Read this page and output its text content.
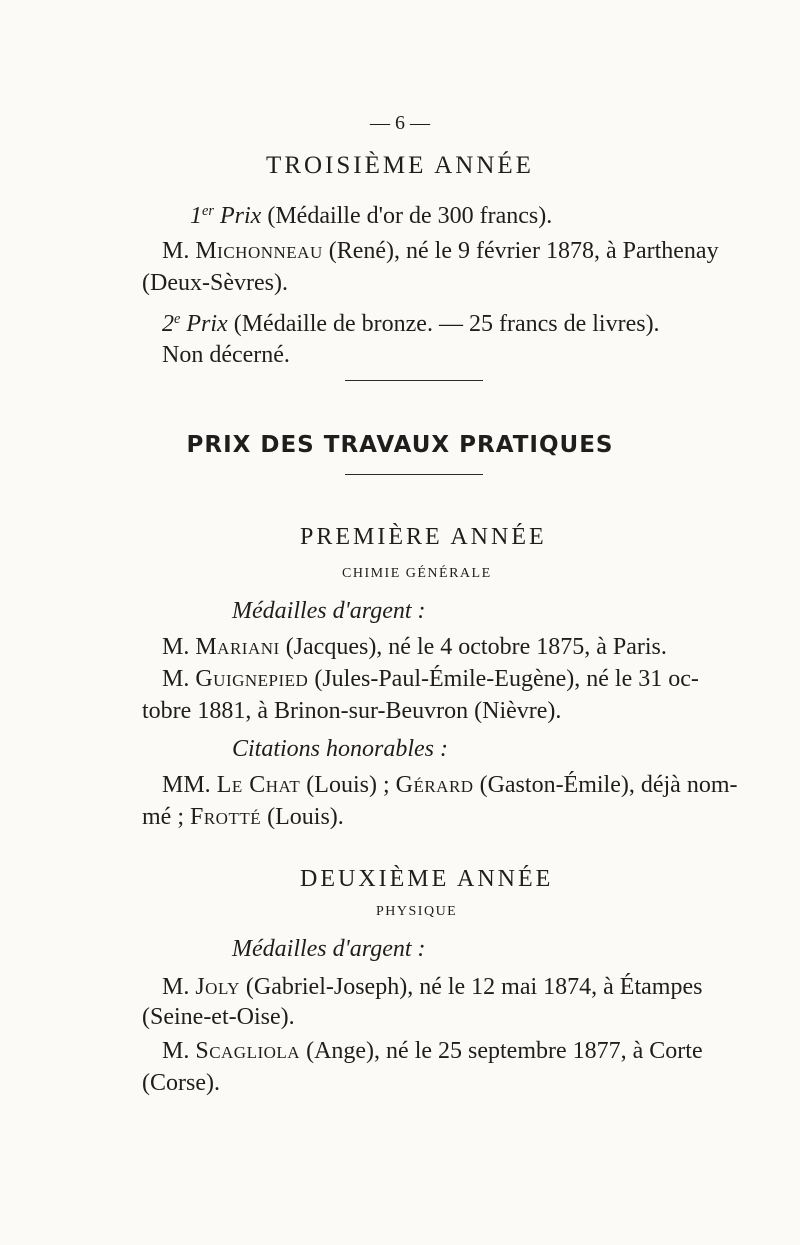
— 6 —
TROISIÈME ANNÉE
1er Prix (Médaille d'or de 300 francs).
M. Michonneau (René), né le 9 février 1878, à Parthenay
(Deux-Sèvres).
2e Prix (Médaille de bronze. — 25 francs de livres).
Non décerné.
PRIX DES TRAVAUX PRATIQUES
PREMIÈRE ANNÉE
CHIMIE GÉNÉRALE
Médailles d'argent :
M. Mariani (Jacques), né le 4 octobre 1875, à Paris.
M. Guignepied (Jules-Paul-Émile-Eugène), né le 31 oc-
tobre 1881, à Brinon-sur-Beuvron (Nièvre).
Citations honorables :
MM. Le Chat (Louis) ; Gérard (Gaston-Émile), déjà nom-
mé ; Frotté (Louis).
DEUXIÈME ANNÉE
PHYSIQUE
Médailles d'argent :
M. Joly (Gabriel-Joseph), né le 12 mai 1874, à Étampes
(Seine-et-Oise).
M. Scagliola (Ange), né le 25 septembre 1877, à Corte
(Corse).
